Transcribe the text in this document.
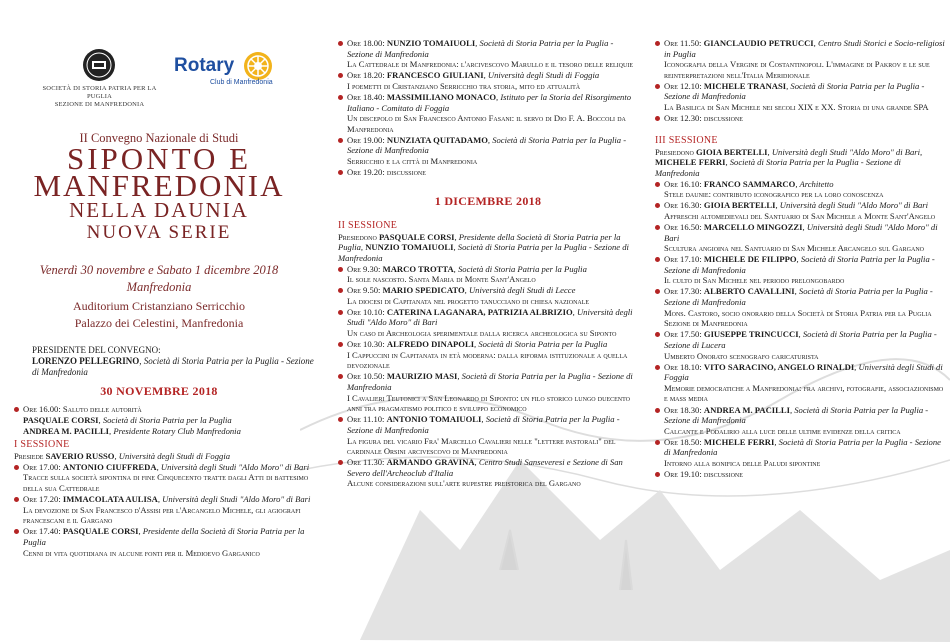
SOCIETÀ DI STORIA PATRIA PER LA PUGLIA
SEZIONE DI MANFREDONIA
Rotary
Club di Manfredonia
II Convegno Nazionale di Studi
SIPONTO E
MANFREDONIA
NELLA DAUNIA
NUOVA SERIE
Venerdì 30 novembre e Sabato 1 dicembre 2018
Manfredonia
Auditorium Cristanziano Serricchio
Palazzo dei Celestini, Manfredonia
PRESIDENTE DEL CONVEGNO:
LORENZO PELLEGRINO, Società di Storia Patria per la Puglia - Sezione di Manfredonia
30 NOVEMBRE 2018
Ore 16.00: Saluto delle autorità
PASQUALE CORSI, Società di Storia Patria per la Puglia
ANDREA M. PACILLI, Presidente Rotary Club Manfredonia
I SESSIONE
Presiede SAVERIO RUSSO, Università degli Studi di Foggia
Ore 17.00: ANTONIO CIUFFREDA, Università degli Studi "Aldo Moro" di Bari
Tracce sulla società sipontina di fine Cinquecento tratte dagli Atti di battesimo della sua Cattedrale
Ore 17.20: IMMACOLATA AULISA, Università degli Studi "Aldo Moro" di Bari
La devozione di San Francesco d'Assisi per l'Arcangelo Michele, gli agiografi francescani e il Gargano
Ore 17.40: PASQUALE CORSI, Presidente della Società di Storia Patria per la Puglia
Cenni di vita quotidiana in alcune fonti per il Medioevo Garganico
Ore 18.00: NUNZIO TOMAIUOLI, Società di Storia Patria per la Puglia - Sezione di Manfredonia
La Cattedrale di Manfredonia: l'arcivescovo Marullo e il tesoro delle reliquie
Ore 18.20: FRANCESCO GIULIANI, Università degli Studi di Foggia
I poemetti di Cristanziano Serricchio tra storia, mito ed attualità
Ore 18.40: MASSIMILIANO MONACO, Istituto per la Storia del Risorgimento Italiano - Comitato di Foggia
Un discepolo di San Francesco Antonio Fasani: il servo di Dio F. A. Boccoli da Manfredonia
Ore 19.00: NUNZIATA QUITADAMO, Società di Storia Patria per la Puglia - Sezione di Manfredonia
Serricchio e la città di Manfredonia
Ore 19.20: discussione
1 DICEMBRE 2018
II SESSIONE
Presiedono PASQUALE CORSI, Presidente della Società di Storia Patria per la Puglia, NUNZIO TOMAIUOLI, Società di Storia Patria per la Puglia - Sezione di Manfredonia
Ore 9.30: MARCO TROTTA, Società di Storia Patria per la Puglia
Il sole nascosto. Santa Maria di Monte Sant'Angelo
Ore 9.50: MARIO SPEDICATO, Università degli Studi di Lecce
La diocesi di Capitanata nel progetto tanucciano di chiesa nazionale
Ore 10.10: CATERINA LAGANARA, PATRIZIA ALBRIZIO, Università degli Studi "Aldo Moro" di Bari
Un caso di Archeologia sperimentale dalla ricerca archeologica su Siponto
Ore 10.30: ALFREDO DINAPOLI, Società di Storia Patria per la Puglia
I Cappuccini in Capitanata in età moderna: dalla riforma istituzionale a quella devozionale
Ore 10.50: MAURIZIO MASI, Società di Storia Patria per la Puglia - Sezione di Manfredonia
I Cavalieri Teutonici a San Leonardo di Siponto: un filo storico lungo duecento anni tra pragmatismo politico e sviluppo economico
Ore 11.10: ANTONIO TOMAIUOLI, Società di Storia Patria per la Puglia - Sezione di Manfredonia
La figura del vicario Fra' Marcello Cavalieri nelle "lettere pastorali" del cardinale Orsini arcivescovo di Manfredonia
Ore 11.30: ARMANDO GRAVINA, Centro Studi Sanseveresi e Sezione di San Severo dell'Archeoclub d'Italia
Alcune considerazioni sull'arte rupestre preistorica del Gargano
Ore 11.50: GIANCLAUDIO PETRUCCI, Centro Studi Storici e Socio-religiosi in Puglia
Iconografia della Vergine di Costantinopoli. L'immagine di Pakrov e le sue reinterpretazioni nell'Italia Meridionale
Ore 12.10: MICHELE TRANASI, Società di Storia Patria per la Puglia - Sezione di Manfredonia
La Basilica di San Michele nei secoli XIX e XX. Storia di una grande SPA
Ore 12.30: discussione
III SESSIONE
Presiedono GIOIA BERTELLI, Università degli Studi "Aldo Moro" di Bari, MICHELE FERRI, Società di Storia Patria per la Puglia - Sezione di Manfredonia
Ore 16.10: FRANCO SAMMARCO, Architetto
Stele daunie: contributo iconografico per la loro conoscenza
Ore 16.30: GIOIA BERTELLI, Università degli Studi "Aldo Moro" di Bari
Affreschi altomedievali del Santuario di San Michele a Monte Sant'Angelo
Ore 16.50: MARCELLO MINGOZZI, Università degli Studi "Aldo Moro" di Bari
Scultura angioina nel Santuario di San Michele Arcangelo sul Gargano
Ore 17.10: MICHELE DE FILIPPO, Società di Storia Patria per la Puglia - Sezione di Manfredonia
Il culto di San Michele nel periodo prelongobardo
Ore 17.30: ALBERTO CAVALLINI, Società di Storia Patria per la Puglia - Sezione di Manfredonia
Mons. Castoro, socio onorario della Società di Storia Patria per la Puglia Sezione di Manfredonia
Ore 17.50: GIUSEPPE TRINCUCCI, Società di Storia Patria per la Puglia - Sezione di Lucera
Umberto Onorato scenografo caricaturista
Ore 18.10: VITO SARACINO, ANGELO RINALDI, Università degli Studi di Foggia
Memorie democratiche a Manfredonia: fra archivi, fotografie, associazionismo e mass media
Ore 18.30: ANDREA M. PACILLI, Società di Storia Patria per la Puglia - Sezione di Manfredonia
Calcante e Podalirio alla luce delle ultime evidenze della critica
Ore 18.50: MICHELE FERRI, Società di Storia Patria per la Puglia - Sezione di Manfredonia
Intorno alla bonifica delle Paludi sipontine
Ore 19.10: discussione
